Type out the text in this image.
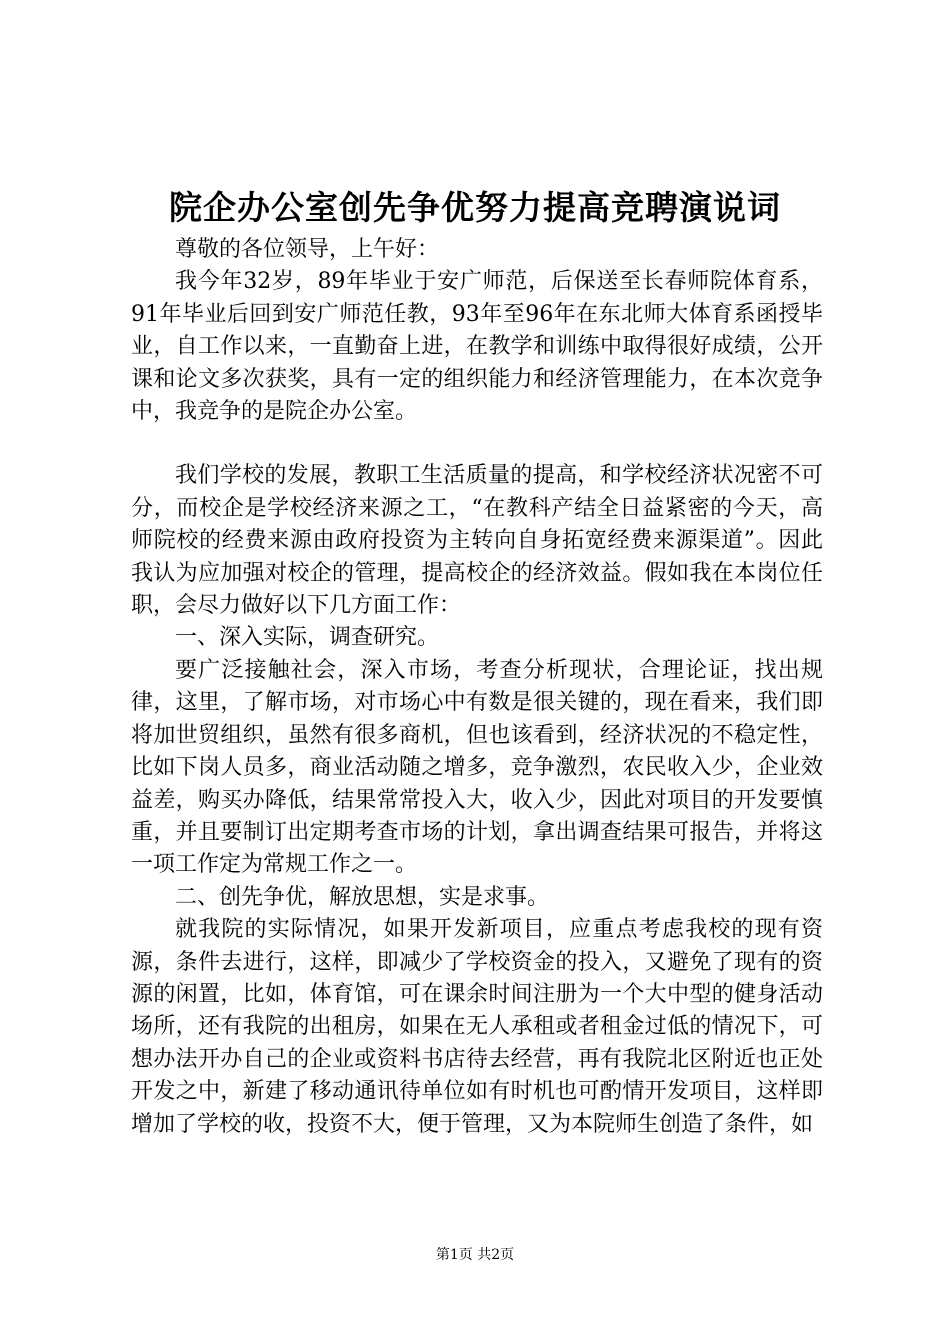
院企办公室创先争优努力提高竞聘演说词

尊敬的各位领导，上午好：

我今年32岁，89年毕业于安广师范，后保送至长春师院体育系，91年毕业后回到安广师范任教，93年至96年在东北师大体育系函授毕业，自工作以来，一直勤奋上进，在教学和训练中取得很好成绩，公开课和论文多次获奖，具有一定的组织能力和经济管理能力，在本次竞争中，我竞争的是院企办公室。

我们学校的发展，教职工生活质量的提高，和学校经济状况密不可分，而校企是学校经济来源之工，“在教科产结全日益紧密的今天，高师院校的经费来源由政府投资为主转向自身拓宽经费来源渠道”。因此我认为应加强对校企的管理，提高校企的经济效益。假如我在本岗位任职，会尽力做好以下几方面工作：

一、深入实际，调查研究。

要广泛接触社会，深入市场，考查分析现状，合理论证，找出规律，这里，了解市场，对市场心中有数是很关键的，现在看来，我们即将加世贸组织，虽然有很多商机，但也该看到，经济状况的不稳定性，比如下岗人员多，商业活动随之增多，竞争激烈，农民收入少，企业效益差，购买办降低，结果常常投入大，收入少，因此对项目的开发要慎重，并且要制订出定期考查市场的计划，拿出调查结果可报告，并将这一项工作定为常规工作之一。

二、创先争优，解放思想，实是求事。

就我院的实际情况，如果开发新项目，应重点考虑我校的现有资源，条件去进行，这样，即减少了学校资金的投入，又避免了现有的资源的闲置，比如，体育馆，可在课余时间注册为一个大中型的健身活动场所，还有我院的出租房，如果在无人承租或者租金过低的情况下，可想办法开办自己的企业或资料书店待去经营，再有我院北区附近也正处开发之中，新建了移动通讯待单位如有时机也可酌情开发项目，这样即增加了学校的收，投资不大，便于管理，又为本院师生创造了条件，如

第1页 共2页
